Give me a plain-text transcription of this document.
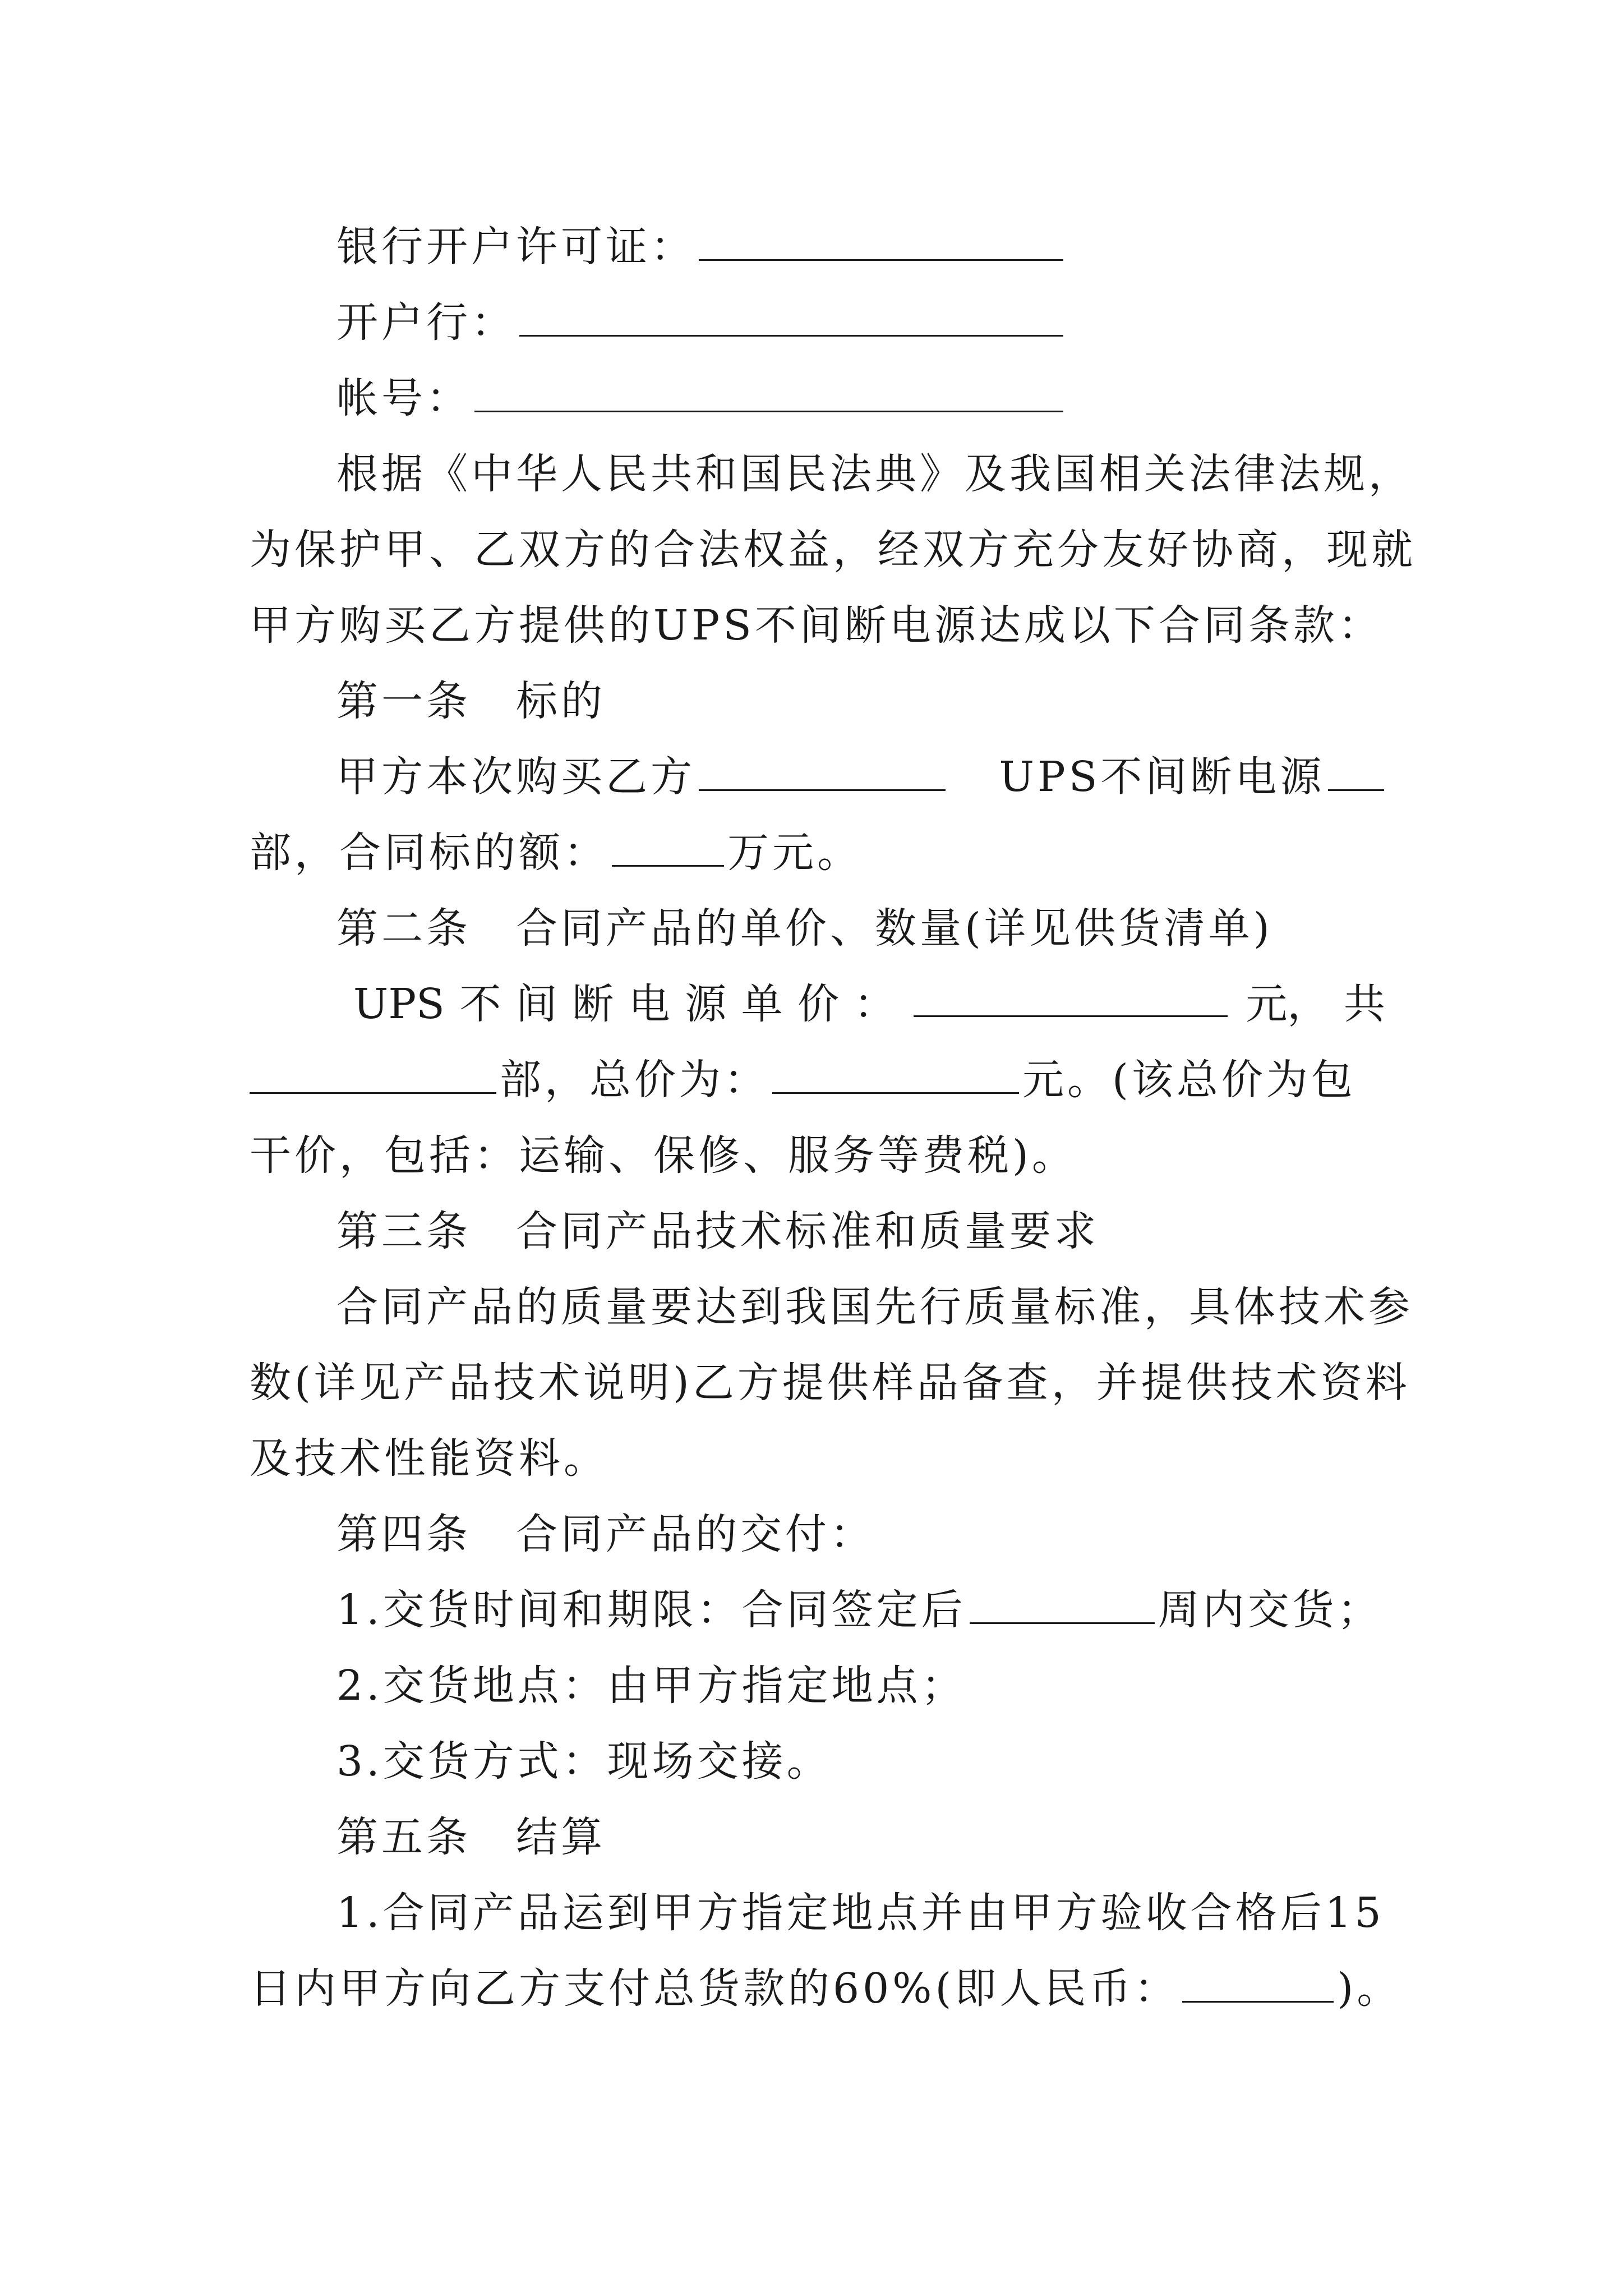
银行开户许可证：
开户行：
帐号：
根据《中华人民共和国民法典》及我国相关法律法规，
为保护甲、乙双方的合法权益，经双方充分友好协商，现就
甲方购买乙方提供的UPS不间断电源达成以下合同条款：
第一条　标的
甲方本次购买乙方	UPS不间断电源
部，合同标的额：	万元。
第二条　合同产品的单价、数量(详见供货清单)
UPS 不 间 断 电 源 单 价 ：	元， 共
部，总价为：	元。(该总价为包
干价，包括：运输、保修、服务等费税)。
第三条　合同产品技术标准和质量要求
合同产品的质量要达到我国先行质量标准，具体技术参
数(详见产品技术说明)乙方提供样品备查，并提供技术资料
及技术性能资料。
第四条　合同产品的交付：
1.交货时间和期限：合同签定后	周内交货；
2.交货地点：由甲方指定地点；
3.交货方式：现场交接。
第五条　结算
1.合同产品运到甲方指定地点并由甲方验收合格后15
日内甲方向乙方支付总货款的60%(即人民币：	)。
